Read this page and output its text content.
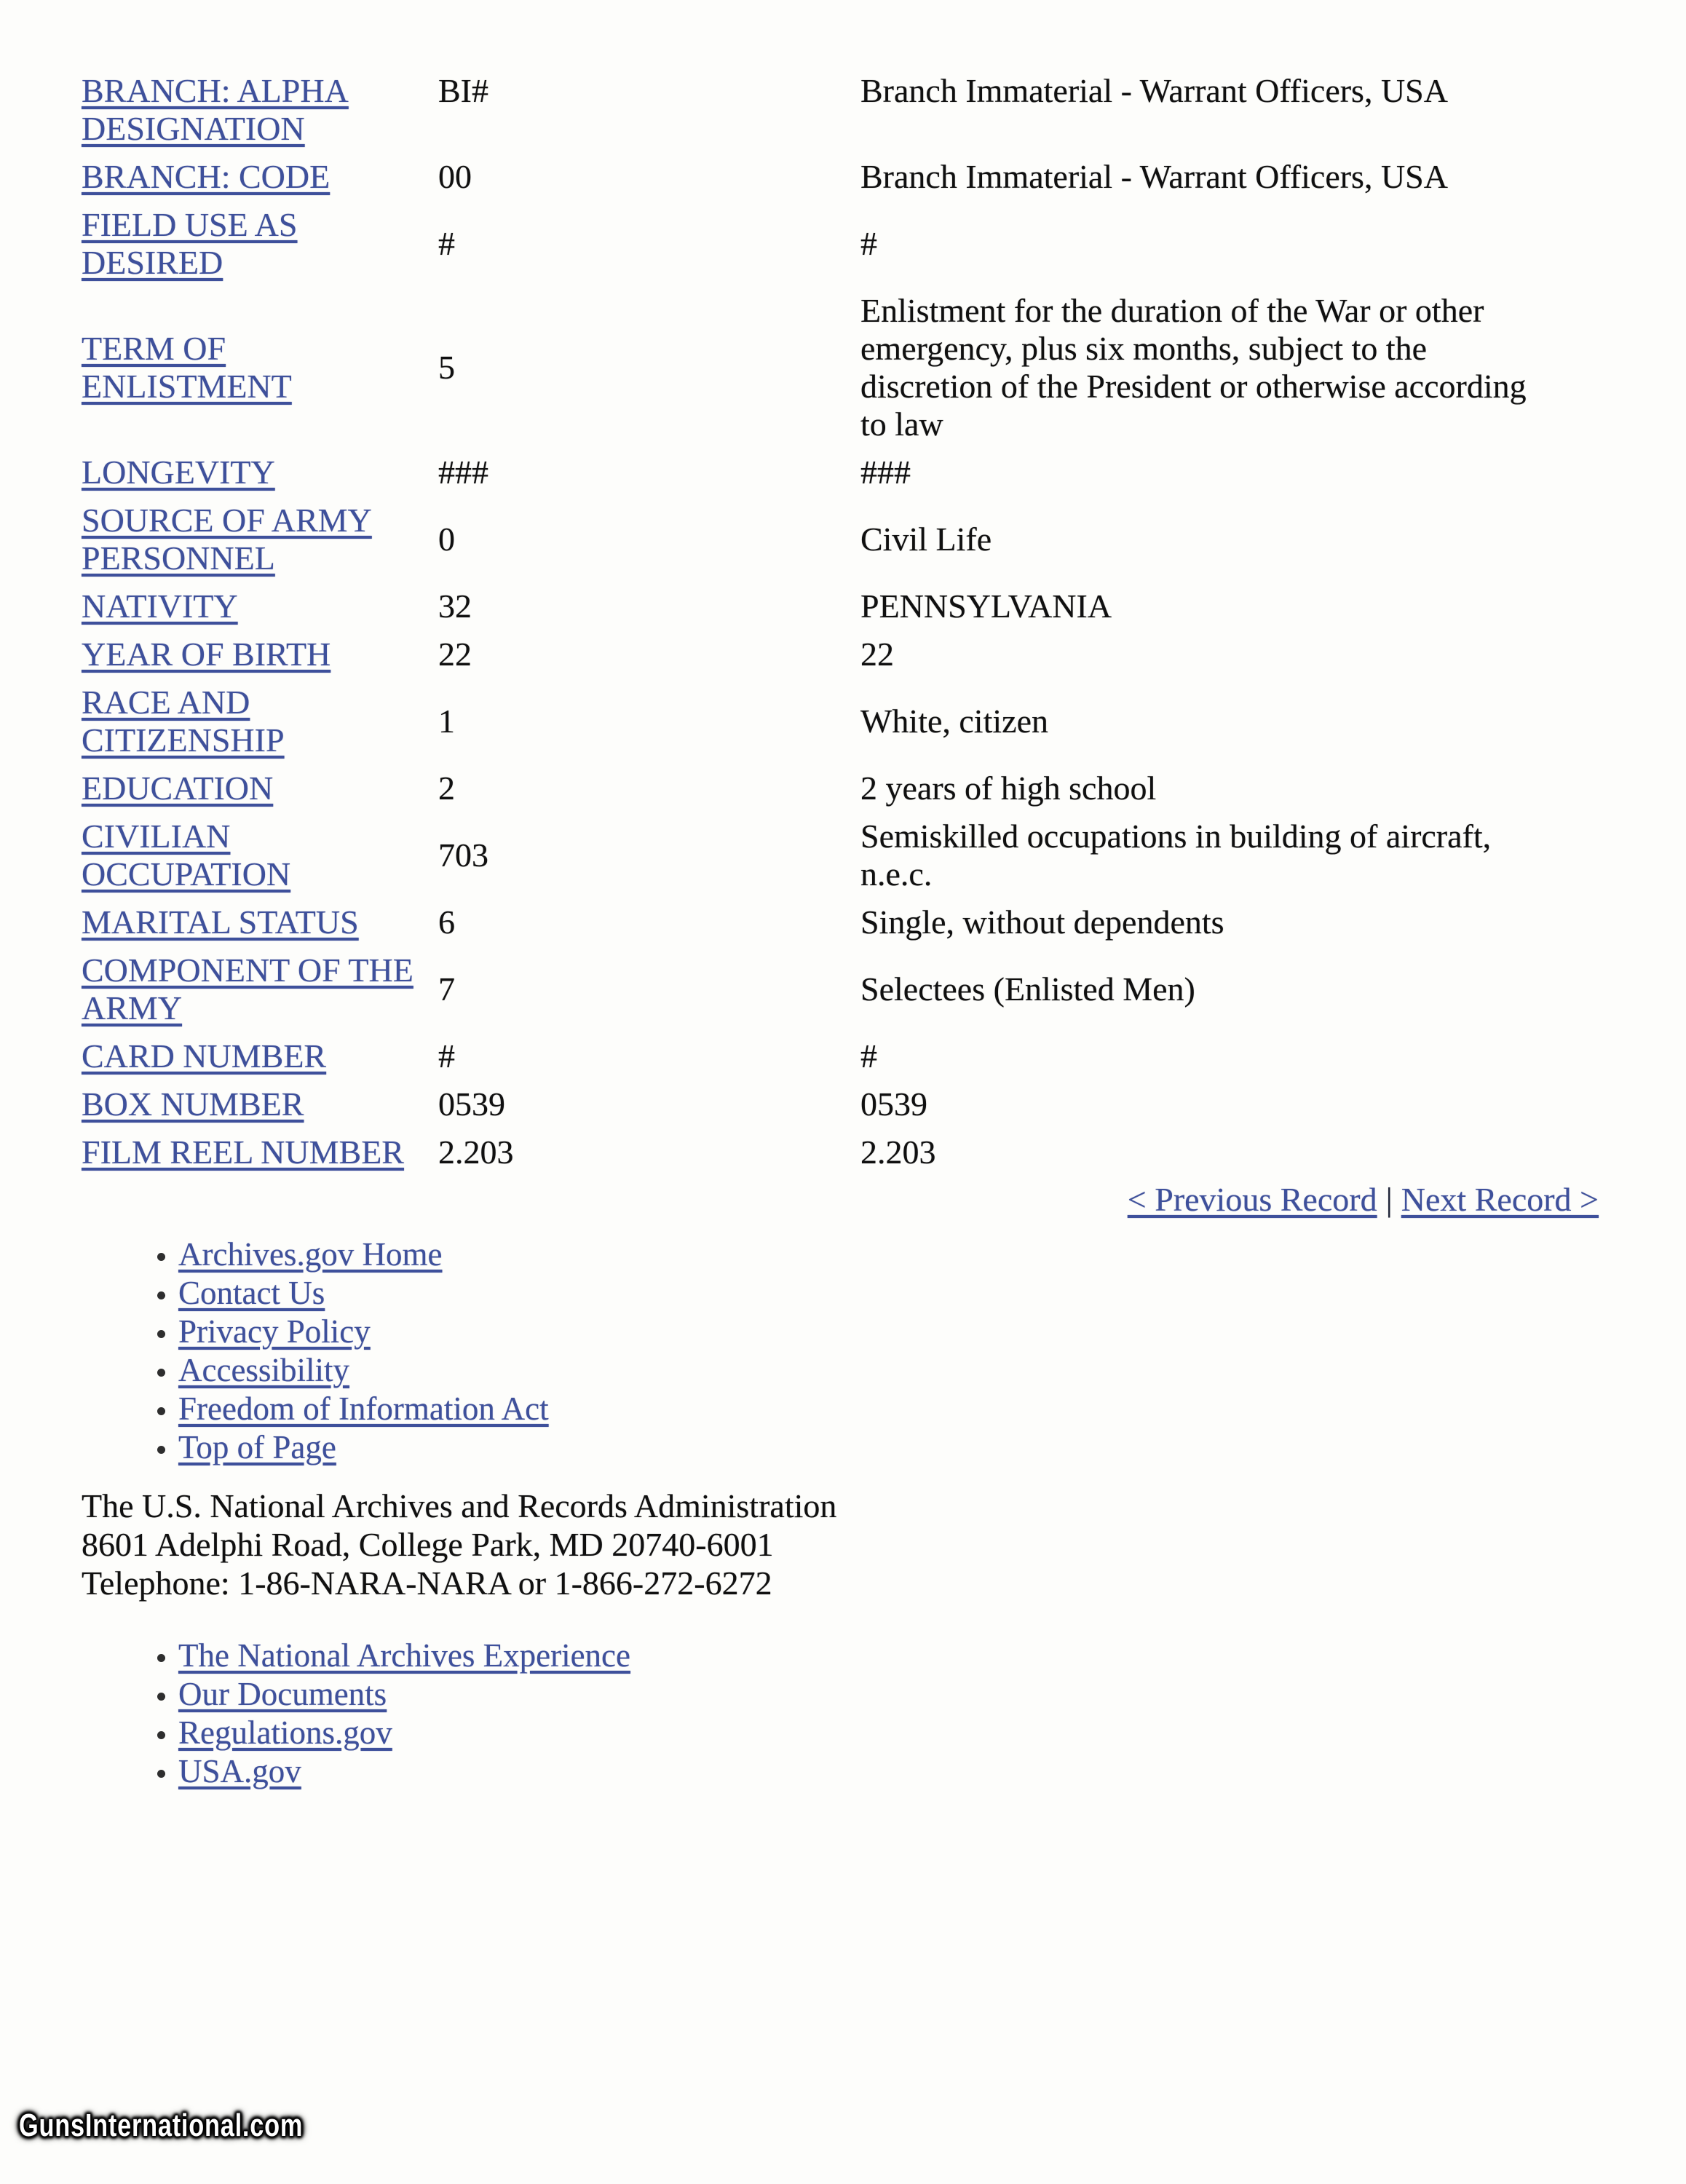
BRANCH: ALPHA DESIGNATION	BI#	Branch Immaterial - Warrant Officers, USA
BRANCH: CODE	00	Branch Immaterial - Warrant Officers, USA
FIELD USE AS DESIRED	#	#
TERM OF ENLISTMENT	5	Enlistment for the duration of the War or other emergency, plus six months, subject to the discretion of the President or otherwise according to law
LONGEVITY	###	###
SOURCE OF ARMY PERSONNEL	0	Civil Life
NATIVITY	32	PENNSYLVANIA
YEAR OF BIRTH	22	22
RACE AND CITIZENSHIP	1	White, citizen
EDUCATION	2	2 years of high school
CIVILIAN OCCUPATION	703	Semiskilled occupations in building of aircraft, n.e.c.
MARITAL STATUS	6	Single, without dependents
COMPONENT OF THE ARMY	7	Selectees (Enlisted Men)
CARD NUMBER	#	#
BOX NUMBER	0539	0539
FILM REEL NUMBER	2.203	2.203
< Previous Record | Next Record >
• Archives.gov Home
• Contact Us
• Privacy Policy
• Accessibility
• Freedom of Information Act
• Top of Page
The U.S. National Archives and Records Administration
8601 Adelphi Road, College Park, MD 20740-6001
Telephone: 1-86-NARA-NARA or 1-866-272-6272
• The National Archives Experience
• Our Documents
• Regulations.gov
• USA.gov
GunsInternational.com
